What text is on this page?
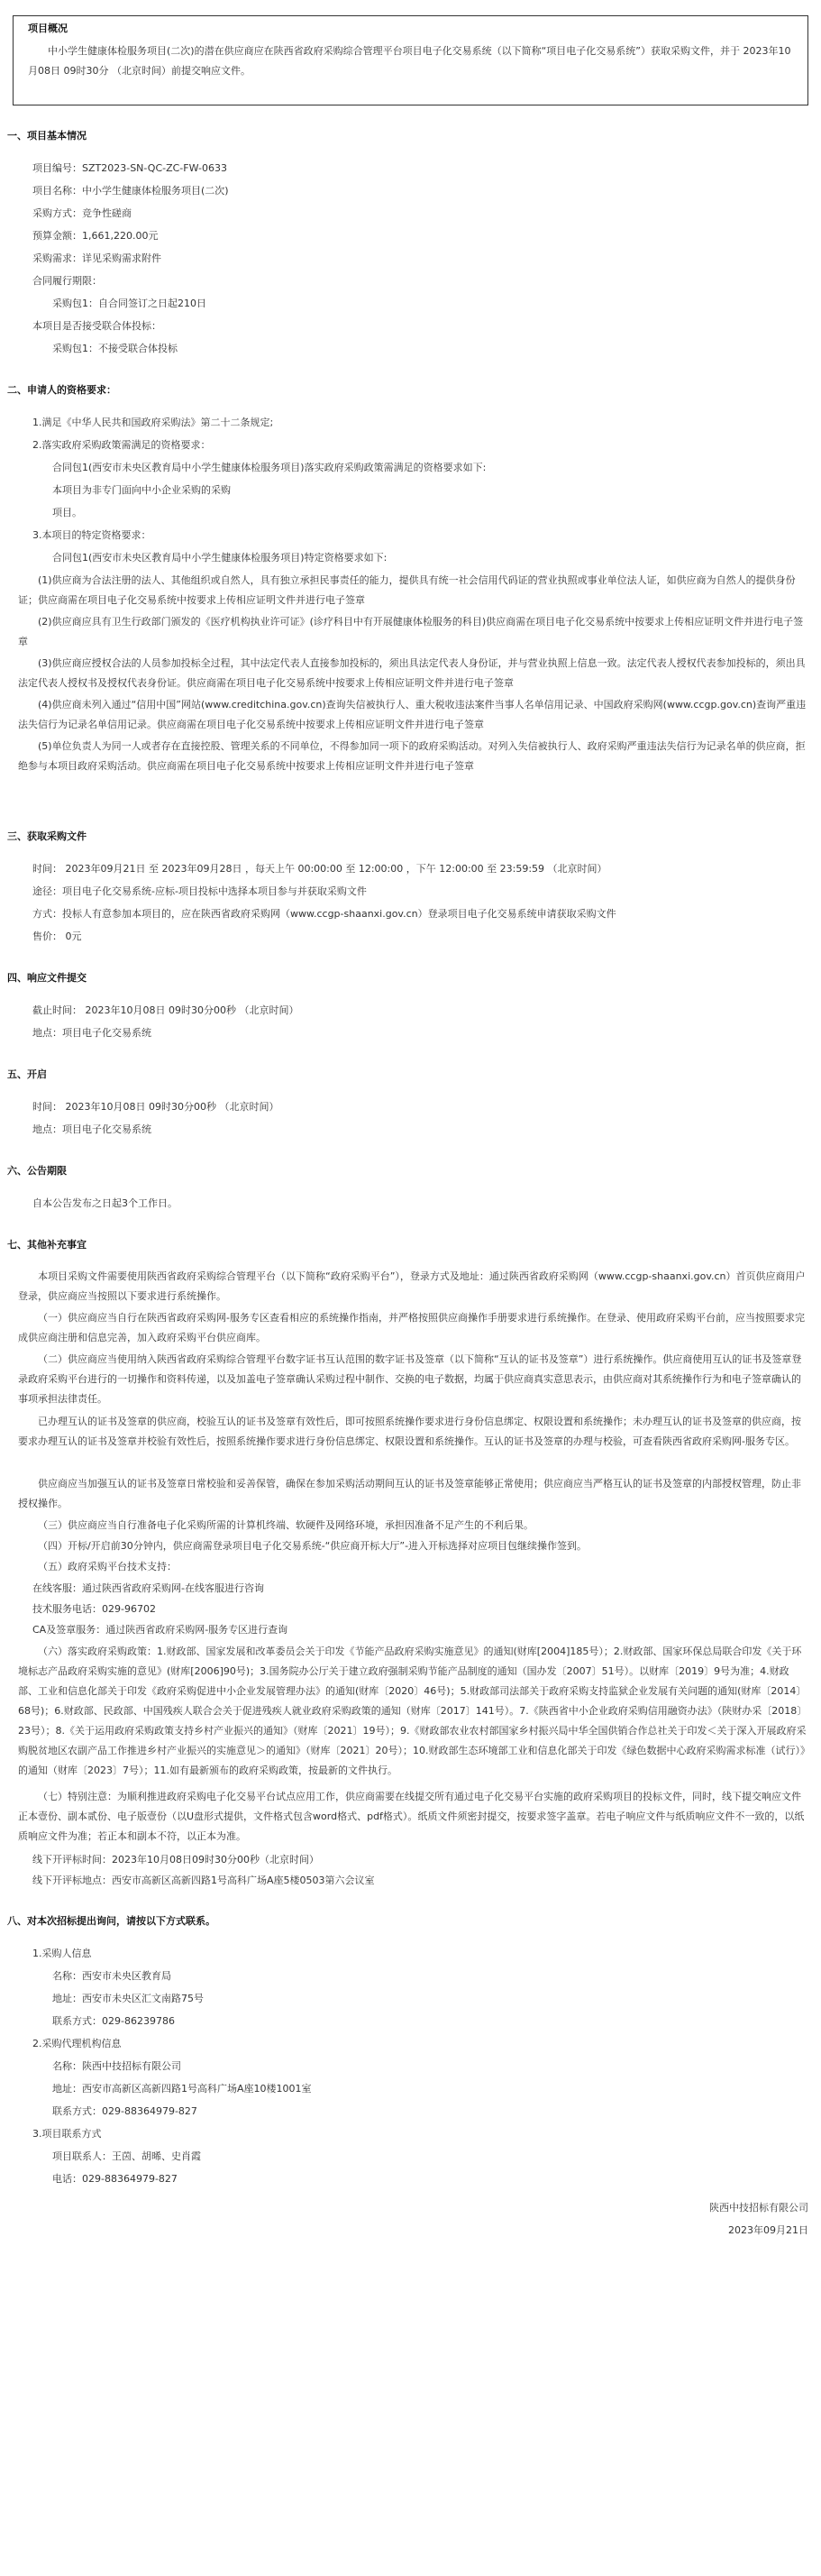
项目概况
中小学生健康体检服务项目(二次)的潜在供应商应在陕西省政府采购综合管理平台项目电子化交易系统（以下简称“项目电子化交易系统”）获取采购文件，并于 2023年10月08日 09时30分 （北京时间）前提交响应文件。
一、项目基本情况
项目编号：SZT2023-SN-QC-ZC-FW-0633
项目名称：中小学生健康体检服务项目(二次)
采购方式：竞争性磋商
预算金额：1,661,220.00元
采购需求：详见采购需求附件
合同履行期限：
采购包1：自合同签订之日起210日
本项目是否接受联合体投标：
采购包1：不接受联合体投标
二、申请人的资格要求：
1.满足《中华人民共和国政府采购法》第二十二条规定;
2.落实政府采购政策需满足的资格要求：
合同包1(西安市未央区教育局中小学生健康体检服务项目)落实政府采购政策需满足的资格要求如下:
本项目为非专门面向中小企业采购的采购
项目。
3.本项目的特定资格要求：
合同包1(西安市未央区教育局中小学生健康体检服务项目)特定资格要求如下:
(1)供应商为合法注册的法人、其他组织或自然人，具有独立承担民事责任的能力，提供具有统一社会信用代码证的营业执照或事业单位法人证，如供应商为自然人的提供身份证；供应商需在项目电子化交易系统中按要求上传相应证明文件并进行电子签章
(2)供应商应具有卫生行政部门颁发的《医疗机构执业许可证》(诊疗科目中有开展健康体检服务的科目)供应商需在项目电子化交易系统中按要求上传相应证明文件并进行电子签章
(3)供应商应授权合法的人员参加投标全过程，其中法定代表人直接参加投标的，须出具法定代表人身份证，并与营业执照上信息一致。法定代表人授权代表参加投标的，须出具法定代表人授权书及授权代表身份证。供应商需在项目电子化交易系统中按要求上传相应证明文件并进行电子签章
(4)供应商未列入通过“信用中国”网站(www.creditchina.gov.cn)查询失信被执行人、重大税收违法案件当事人名单信用记录、中国政府采购网(www.ccgp.gov.cn)查询严重违法失信行为记录名单信用记录。供应商需在项目电子化交易系统中按要求上传相应证明文件并进行电子签章
(5)单位负责人为同一人或者存在直接控股、管理关系的不同单位，不得参加同一项下的政府采购活动。对列入失信被执行人、政府采购严重违法失信行为记录名单的供应商，拒绝参与本项目政府采购活动。供应商需在项目电子化交易系统中按要求上传相应证明文件并进行电子签章
三、获取采购文件
时间： 2023年09月21日 至 2023年09月28日 ，每天上午 00:00:00 至 12:00:00 ，下午 12:00:00 至 23:59:59 （北京时间）
途径：项目电子化交易系统-应标-项目投标中选择本项目参与并获取采购文件
方式：投标人有意参加本项目的，应在陕西省政府采购网（www.ccgp-shaanxi.gov.cn）登录项目电子化交易系统申请获取采购文件
售价： 0元
四、响应文件提交
截止时间： 2023年10月08日 09时30分00秒 （北京时间）
地点：项目电子化交易系统
五、开启
时间： 2023年10月08日 09时30分00秒 （北京时间）
地点：项目电子化交易系统
六、公告期限
自本公告发布之日起3个工作日。
七、其他补充事宜
本项目采购文件需要使用陕西省政府采购综合管理平台（以下简称“政府采购平台”），登录方式及地址：通过陕西省政府采购网（www.ccgp-shaanxi.gov.cn）首页供应商用户登录，供应商应当按照以下要求进行系统操作。
（一）供应商应当自行在陕西省政府采购网-服务专区查看相应的系统操作指南，并严格按照供应商操作手册要求进行系统操作。在登录、使用政府采购平台前，应当按照要求完成供应商注册和信息完善，加入政府采购平台供应商库。
（二）供应商应当使用纳入陕西省政府采购综合管理平台数字证书互认范围的数字证书及签章（以下简称“互认的证书及签章”）进行系统操作。供应商使用互认的证书及签章登录政府采购平台进行的一切操作和资料传递，以及加盖电子签章确认采购过程中制作、交换的电子数据，均属于供应商真实意思表示，由供应商对其系统操作行为和电子签章确认的事项承担法律责任。
已办理互认的证书及签章的供应商，校验互认的证书及签章有效性后，即可按照系统操作要求进行身份信息绑定、权限设置和系统操作；未办理互认的证书及签章的供应商，按要求办理互认的证书及签章并校验有效性后，按照系统操作要求进行身份信息绑定、权限设置和系统操作。互认的证书及签章的办理与校验，可查看陕西省政府采购网-服务专区。
供应商应当加强互认的证书及签章日常校验和妥善保管，确保在参加采购活动期间互认的证书及签章能够正常使用；供应商应当严格互认的证书及签章的内部授权管理，防止非授权操作。
（三）供应商应当自行准备电子化采购所需的计算机终端、软硬件及网络环境，承担因准备不足产生的不利后果。
（四）开标/开启前30分钟内，供应商需登录项目电子化交易系统-“供应商开标大厅”-进入开标选择对应项目包继续操作签到。
（五）政府采购平台技术支持：
在线客服：通过陕西省政府采购网-在线客服进行咨询
技术服务电话：029-96702
CA及签章服务：通过陕西省政府采购网-服务专区进行查询
（六）落实政府采购政策：1.财政部、国家发展和改革委员会关于印发《节能产品政府采购实施意见》的通知(财库[2004]185号）；2.财政部、国家环保总局联合印发《关于环境标志产品政府采购实施的意见》(财库[2006]90号)；3.国务院办公厅关于建立政府强制采购节能产品制度的通知（国办发〔2007〕51号）。以财库〔2019〕9号为准；4.财政部、工业和信息化部关于印发《政府采购促进中小企业发展管理办法》的通知(财库〔2020〕46号)；5.财政部司法部关于政府采购支持监狱企业发展有关问题的通知(财库〔2014〕68号)；6.财政部、民政部、中国残疾人联合会关于促进残疾人就业政府采购政策的通知（财库〔2017〕141号）。7.《陕西省中小企业政府采购信用融资办法》（陕财办采〔2018〕23号）；8.《关于运用政府采购政策支持乡村产业振兴的通知》（财库〔2021〕19号）；9.《财政部农业农村部国家乡村振兴局中华全国供销合作总社关于印发＜关于深入开展政府采购脱贫地区农副产品工作推进乡村产业振兴的实施意见＞的通知》（财库〔2021〕20号）；10.财政部生态环境部工业和信息化部关于印发《绿色数据中心政府采购需求标准（试行）》的通知（财库〔2023〕7号）；11.如有最新颁布的政府采购政策，按最新的文件执行。
（七）特别注意：为顺利推进政府采购电子化交易平台试点应用工作，供应商需要在线提交所有通过电子化交易平台实施的政府采购项目的投标文件，同时，线下提交响应文件正本壹份、副本贰份、电子版壹份（以U盘形式提供，文件格式包含word格式、pdf格式）。纸质文件须密封提交，按要求签字盖章。若电子响应文件与纸质响应文件不一致的，以纸质响应文件为准；若正本和副本不符，以正本为准。
线下开评标时间：2023年10月08日09时30分00秒（北京时间）
线下开评标地点：西安市高新区高新四路1号高科广场A座5楼0503第六会议室
八、对本次招标提出询问，请按以下方式联系。
1.采购人信息
名称：西安市未央区教育局
地址：西安市未央区汇文南路75号
联系方式：029-86239786
2.采购代理机构信息
名称：陕西中技招标有限公司
地址：西安市高新区高新四路1号高科广场A座10楼1001室
联系方式：029-88364979-827
3.项目联系方式
项目联系人：王茵、胡晞、史肖霞
电话：029-88364979-827
陕西中技招标有限公司
2023年09月21日
